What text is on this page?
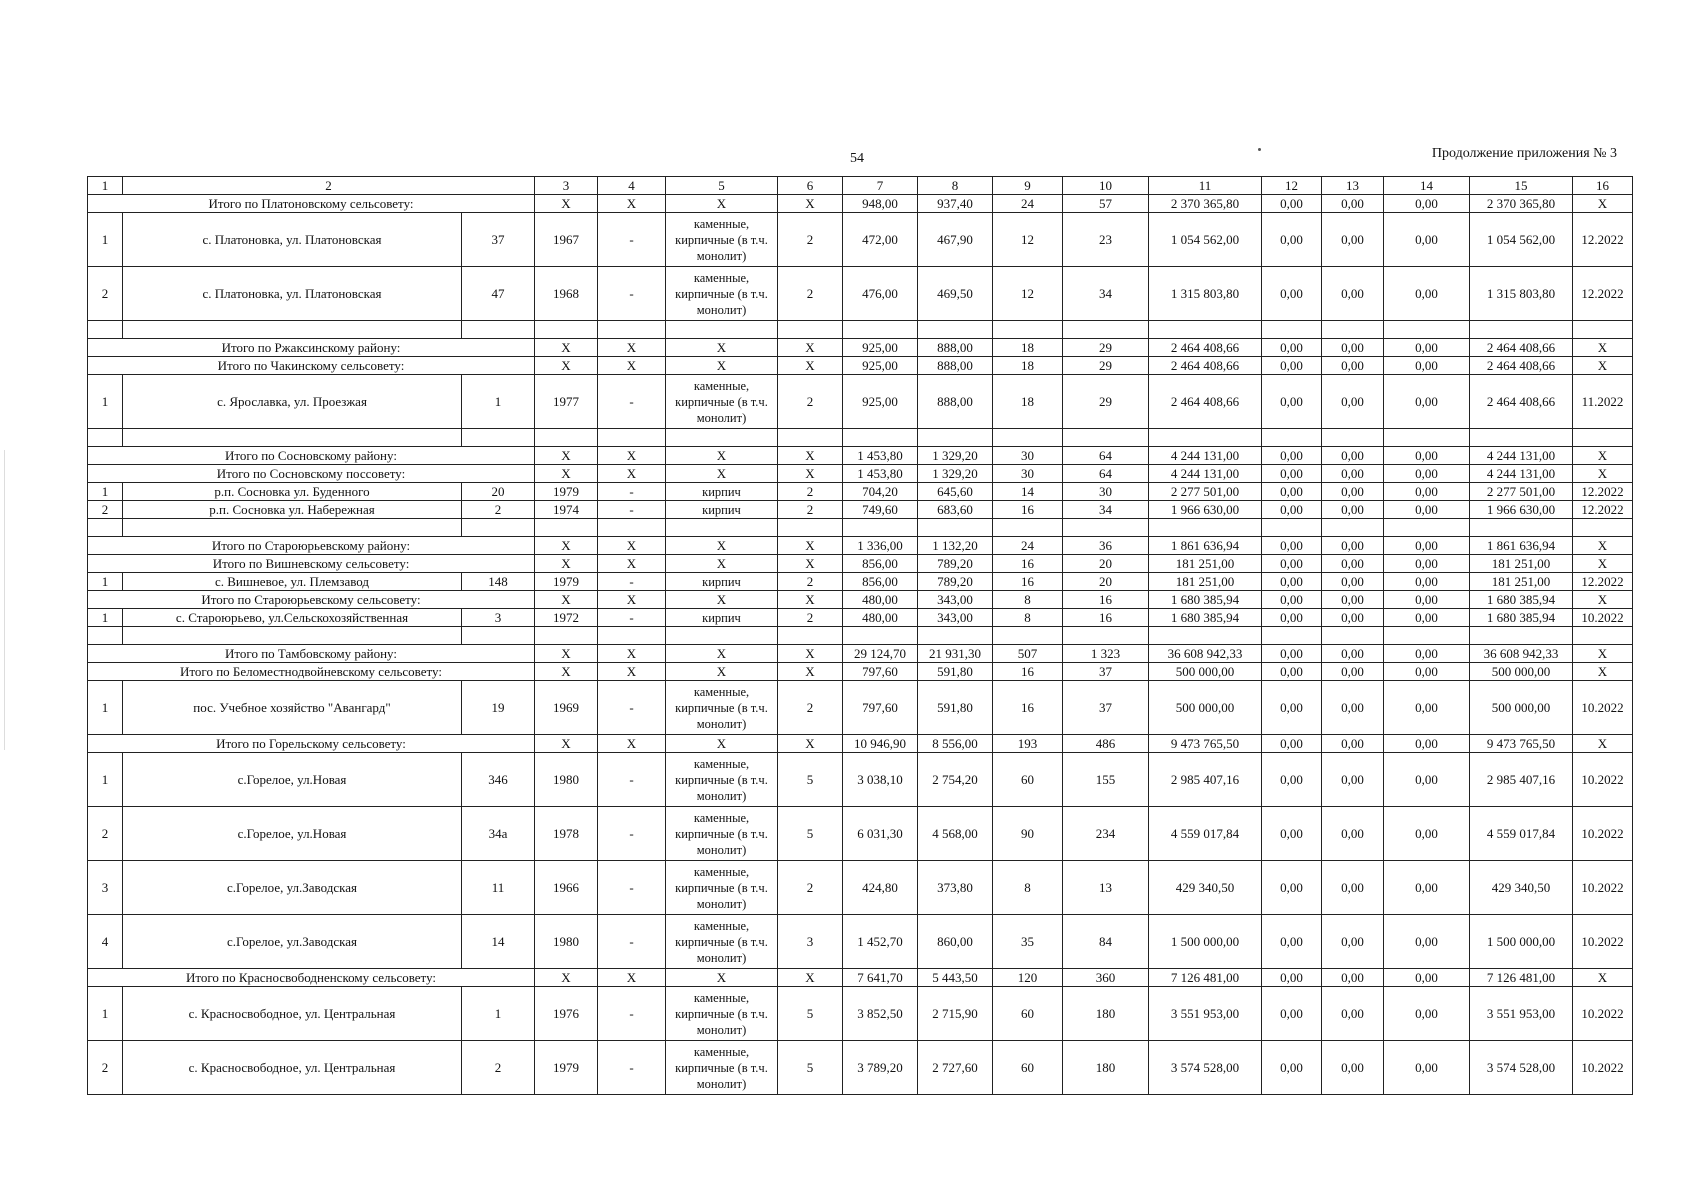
54	Продолжение приложения № 3
1	2		3	4	5	6	7	8	9	10	11	12	13	14	15	16
Итого по Платоновскому сельсовету:			X	X	X	X	948,00	937,40	24	57	2 370 365,80	0,00	0,00	0,00	2 370 365,80	X
1	с. Платоновка, ул. Платоновская	37	1967	-	каменные, кирпичные (в т.ч. монолит)	2	472,00	467,90	12	23	1 054 562,00	0,00	0,00	0,00	1 054 562,00	12.2022
2	с. Платоновка, ул. Платоновская	47	1968	-	каменные, кирпичные (в т.ч. монолит)	2	476,00	469,50	12	34	1 315 803,80	0,00	0,00	0,00	1 315 803,80	12.2022

Итого по Ржаксинскому району:			X	X	X	X	925,00	888,00	18	29	2 464 408,66	0,00	0,00	0,00	2 464 408,66	X
Итого по Чакинскому сельсовету:			X	X	X	X	925,00	888,00	18	29	2 464 408,66	0,00	0,00	0,00	2 464 408,66	X
1	с. Ярославка, ул. Проезжая	1	1977	-	каменные, кирпичные (в т.ч. монолит)	2	925,00	888,00	18	29	2 464 408,66	0,00	0,00	0,00	2 464 408,66	11.2022

Итого по Сосновскому району:			X	X	X	X	1 453,80	1 329,20	30	64	4 244 131,00	0,00	0,00	0,00	4 244 131,00	X
Итого по Сосновскому поссовету:			X	X	X	X	1 453,80	1 329,20	30	64	4 244 131,00	0,00	0,00	0,00	4 244 131,00	X
1	р.п. Сосновка ул. Буденного	20	1979	-	кирпич	2	704,20	645,60	14	30	2 277 501,00	0,00	0,00	0,00	2 277 501,00	12.2022
2	р.п. Сосновка ул. Набережная	2	1974	-	кирпич	2	749,60	683,60	16	34	1 966 630,00	0,00	0,00	0,00	1 966 630,00	12.2022

Итого по Староюрьевскому району:			X	X	X	X	1 336,00	1 132,20	24	36	1 861 636,94	0,00	0,00	0,00	1 861 636,94	X
Итого по Вишневскому сельсовету:			X	X	X	X	856,00	789,20	16	20	181 251,00	0,00	0,00	0,00	181 251,00	X
1	с. Вишневое, ул. Племзавод	148	1979	-	кирпич	2	856,00	789,20	16	20	181 251,00	0,00	0,00	0,00	181 251,00	12.2022
Итого по Староюрьевскому сельсовету:			X	X	X	X	480,00	343,00	8	16	1 680 385,94	0,00	0,00	0,00	1 680 385,94	X
1	с. Староюрьево, ул.Сельскохозяйственная	3	1972	-	кирпич	2	480,00	343,00	8	16	1 680 385,94	0,00	0,00	0,00	1 680 385,94	10.2022

Итого по Тамбовскому району:			X	X	X	X	29 124,70	21 931,30	507	1 323	36 608 942,33	0,00	0,00	0,00	36 608 942,33	X
Итого по Беломестнодвойневскому сельсовету:			X	X	X	X	797,60	591,80	16	37	500 000,00	0,00	0,00	0,00	500 000,00	X
1	пос. Учебное хозяйство "Авангард"	19	1969	-	каменные, кирпичные (в т.ч. монолит)	2	797,60	591,80	16	37	500 000,00	0,00	0,00	0,00	500 000,00	10.2022
Итого по Горельскому сельсовету:			X	X	X	X	10 946,90	8 556,00	193	486	9 473 765,50	0,00	0,00	0,00	9 473 765,50	X
1	с.Горелое, ул.Новая	346	1980	-	каменные, кирпичные (в т.ч. монолит)	5	3 038,10	2 754,20	60	155	2 985 407,16	0,00	0,00	0,00	2 985 407,16	10.2022
2	с.Горелое, ул.Новая	34а	1978	-	каменные, кирпичные (в т.ч. монолит)	5	6 031,30	4 568,00	90	234	4 559 017,84	0,00	0,00	0,00	4 559 017,84	10.2022
3	с.Горелое, ул.Заводская	11	1966	-	каменные, кирпичные (в т.ч. монолит)	2	424,80	373,80	8	13	429 340,50	0,00	0,00	0,00	429 340,50	10.2022
4	с.Горелое, ул.Заводская	14	1980	-	каменные, кирпичные (в т.ч. монолит)	3	1 452,70	860,00	35	84	1 500 000,00	0,00	0,00	0,00	1 500 000,00	10.2022
Итого по Красносвободненскому сельсовету:			X	X	X	X	7 641,70	5 443,50	120	360	7 126 481,00	0,00	0,00	0,00	7 126 481,00	X
1	с. Красносвободное, ул. Центральная	1	1976	-	каменные, кирпичные (в т.ч. монолит)	5	3 852,50	2 715,90	60	180	3 551 953,00	0,00	0,00	0,00	3 551 953,00	10.2022
2	с. Красносвободное, ул. Центральная	2	1979	-	каменные, кирпичные (в т.ч. монолит)	5	3 789,20	2 727,60	60	180	3 574 528,00	0,00	0,00	0,00	3 574 528,00	10.2022
